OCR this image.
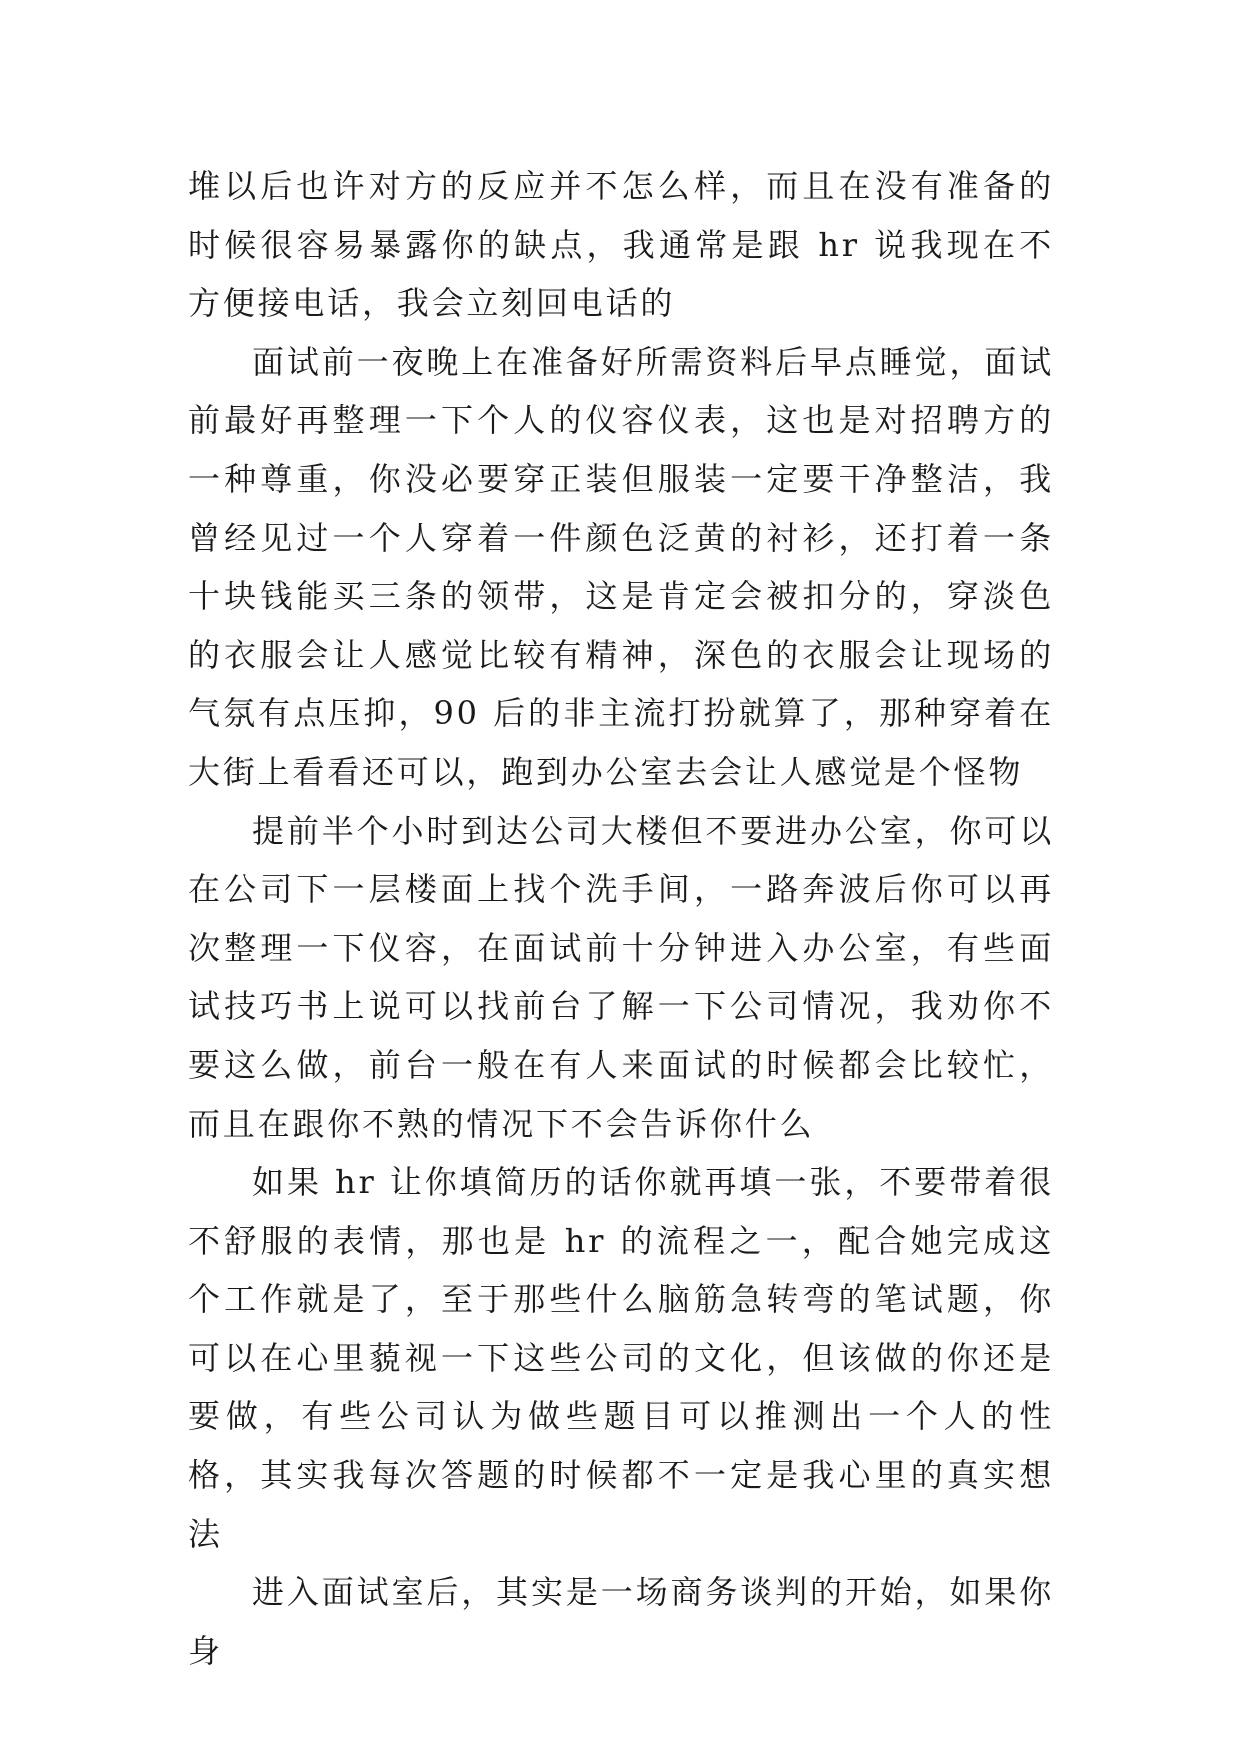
堆以后也许对方的反应并不怎么样，而且在没有准备的时候很容易暴露你的缺点，我通常是跟 hr 说我现在不方便接电话，我会立刻回电话的

面试前一夜晚上在准备好所需资料后早点睡觉，面试前最好再整理一下个人的仪容仪表，这也是对招聘方的一种尊重，你没必要穿正装但服装一定要干净整洁，我曾经见过一个人穿着一件颜色泛黄的衬衫，还打着一条十块钱能买三条的领带，这是肯定会被扣分的，穿淡色的衣服会让人感觉比较有精神，深色的衣服会让现场的气氛有点压抑，90 后的非主流打扮就算了，那种穿着在大街上看看还可以，跑到办公室去会让人感觉是个怪物

提前半个小时到达公司大楼但不要进办公室，你可以在公司下一层楼面上找个洗手间，一路奔波后你可以再次整理一下仪容，在面试前十分钟进入办公室，有些面试技巧书上说可以找前台了解一下公司情况，我劝你不要这么做，前台一般在有人来面试的时候都会比较忙，而且在跟你不熟的情况下不会告诉你什么

如果 hr 让你填简历的话你就再填一张，不要带着很不舒服的表情，那也是 hr 的流程之一，配合她完成这个工作就是了，至于那些什么脑筋急转弯的笔试题，你可以在心里藐视一下这些公司的文化，但该做的你还是要做，有些公司认为做些题目可以推测出一个人的性格，其实我每次答题的时候都不一定是我心里的真实想法

进入面试室后，其实是一场商务谈判的开始，如果你身
